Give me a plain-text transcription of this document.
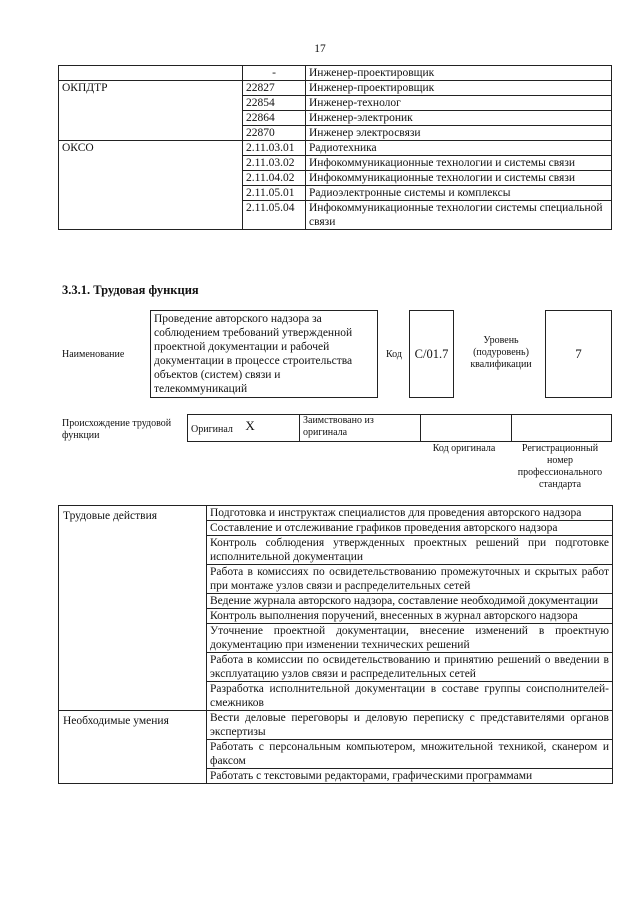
17
	-	Инженер-проектировщик
ОКПДТР	22827	Инженер-проектировщик
	22854	Инженер-технолог
	22864	Инженер-электроник
	22870	Инженер электросвязи
ОКСО	2.11.03.01	Радиотехника
	2.11.03.02	Инфокоммуникационные технологии и системы связи
	2.11.04.02	Инфокоммуникационные технологии и системы связи
	2.11.05.01	Радиоэлектронные системы и комплексы
	2.11.05.04	Инфокоммуникационные технологии системы специальной связи
3.3.1. Трудовая функция
Наименование
Проведение авторского надзора за соблюдением требований утвержденной проектной документации и рабочей документации в процессе строительства объектов (систем) связи и телекоммуникаций
Код C/01.7
Уровень (подуровень) квалификации
7
Происхождение трудовой функции
Оригинал X	Заимствовано из оригинала		
Код оригинала	Регистрационный номер профессионального стандарта
Трудовые действия	Подготовка и инструктаж специалистов для проведения авторского надзора
	Составление и отслеживание графиков проведения авторского надзора
	Контроль соблюдения утвержденных проектных решений при подготовке исполнительной документации
	Работа в комиссиях по освидетельствованию промежуточных и скрытых работ при монтаже узлов связи и распределительных сетей
	Ведение журнала авторского надзора, составление необходимой документации
	Контроль выполнения поручений, внесенных в журнал авторского надзора
	Уточнение проектной документации, внесение изменений в проектную документацию при изменении технических решений
	Работа в комиссии по освидетельствованию и принятию решений о введении в эксплуатацию узлов связи и распределительных сетей
	Разработка исполнительной документации в составе группы соисполнителей-смежников
Необходимые умения	Вести деловые переговоры и деловую переписку с представителями органов экспертизы
	Работать с персональным компьютером, множительной техникой, сканером и факсом
	Работать с текстовыми редакторами, графическими программами
